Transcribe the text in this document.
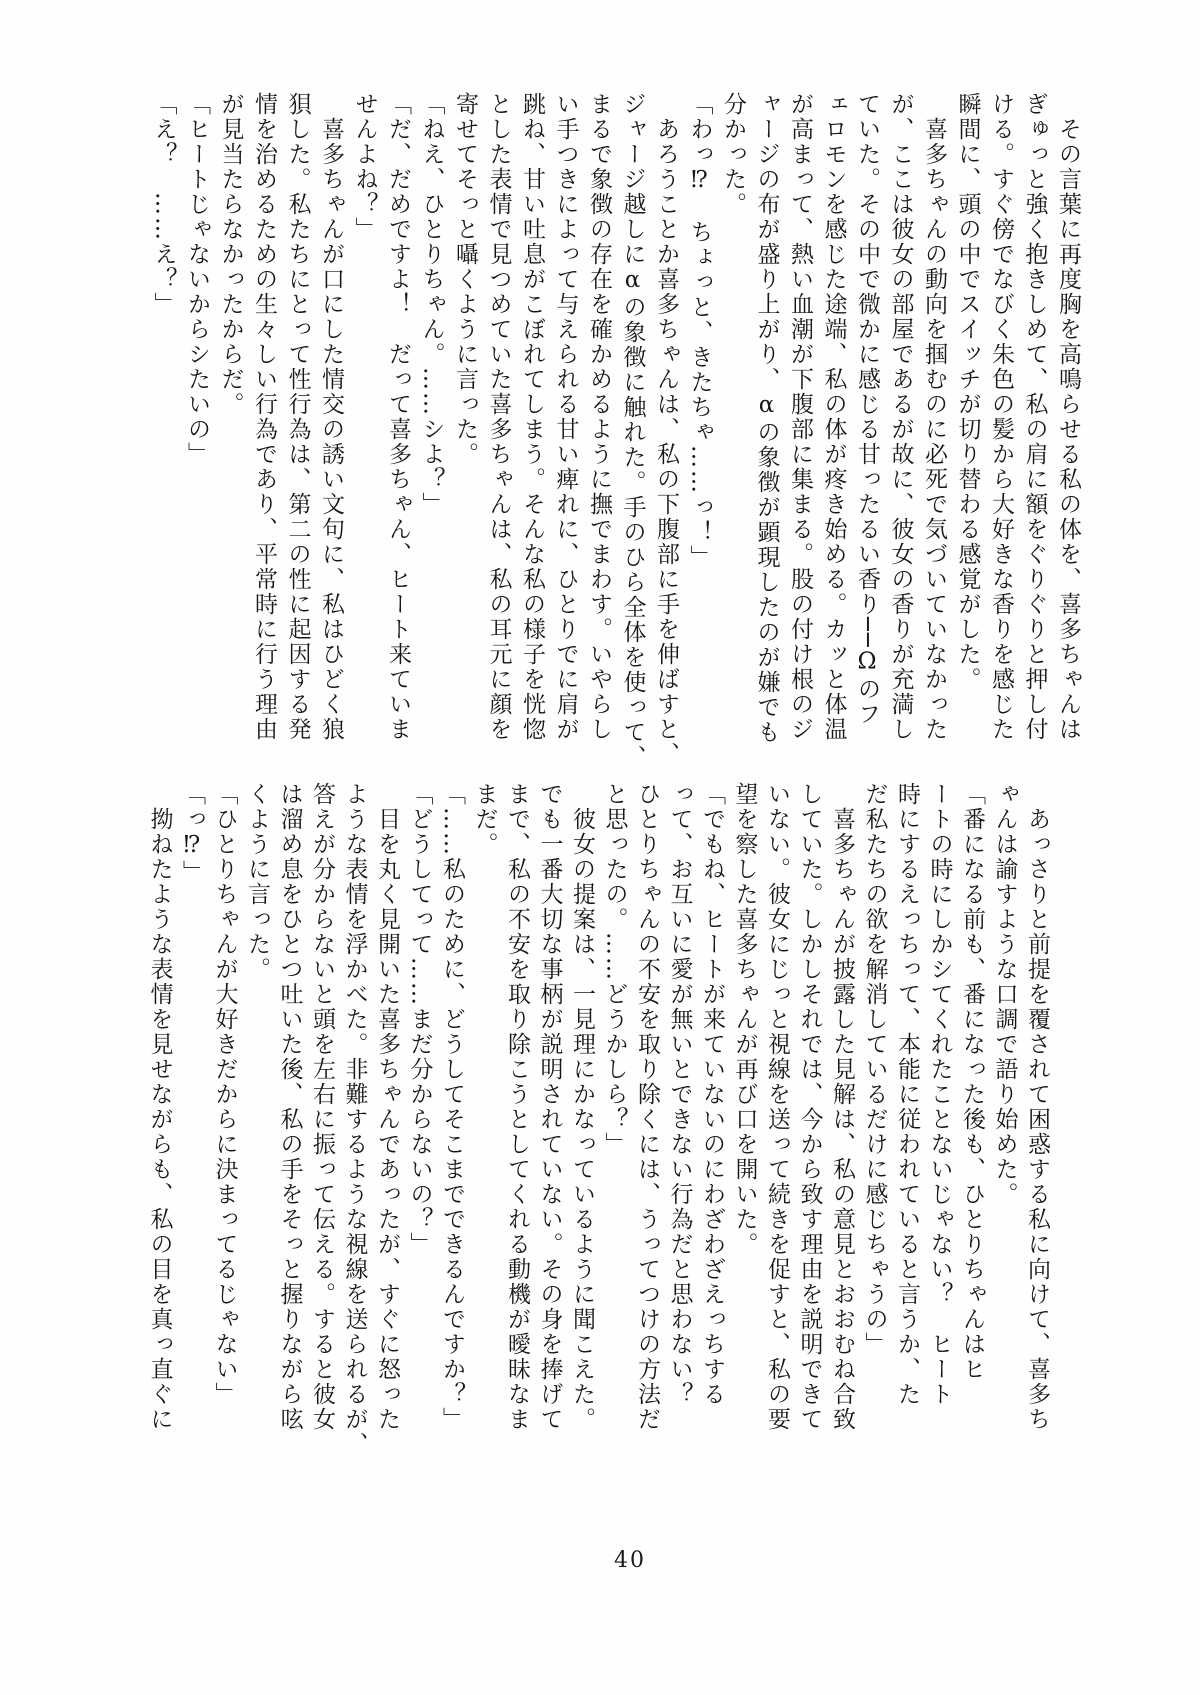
　その言葉に再度胸を高鳴らせる私の体を、喜多ちゃんは
ぎゅっと強く抱きしめて、私の肩に額をぐりぐりと押し付
ける。すぐ傍でなびく朱色の髪から大好きな香りを感じた
瞬間に、頭の中でスイッチが切り替わる感覚がした。
　喜多ちゃんの動向を掴むのに必死で気づいていなかった
が、ここは彼女の部屋であるが故に、彼女の香りが充満し
ていた。その中で微かに感じる甘ったるい香り──Ωのフ
ェロモンを感じた途端、私の体が疼き始める。カッと体温
が高まって、熱い血潮が下腹部に集まる。股の付け根のジ
ャージの布が盛り上がり、αの象徴が顕現したのが嫌でも
分かった。
「わっ⁉　ちょっと、きたちゃ……っ！」
　あろうことか喜多ちゃんは、私の下腹部に手を伸ばすと、
ジャージ越しにαの象徴に触れた。手のひら全体を使って、
まるで象徴の存在を確かめるように撫でまわす。いやらし
い手つきによって与えられる甘い痺れに、ひとりでに肩が
跳ね、甘い吐息がこぼれてしまう。そんな私の様子を恍惚
とした表情で見つめていた喜多ちゃんは、私の耳元に顔を
寄せてそっと囁くように言った。
「ねえ、ひとりちゃん。……シよ？」
「だ、だめですよ！　だって喜多ちゃん、ヒート来ていま
せんよね？」
　喜多ちゃんが口にした情交の誘い文句に、私はひどく狼
狽した。私たちにとって性行為は、第二の性に起因する発
情を治めるための生々しい行為であり、平常時に行う理由
が見当たらなかったからだ。
「ヒートじゃないからシたいの」
「え？　……え？」
　あっさりと前提を覆されて困惑する私に向けて、喜多ち
ゃんは諭すような口調で語り始めた。
「番になる前も、番になった後も、ひとりちゃんはヒ
ートの時にしかシてくれたことないじゃない？　ヒート
時にするえっちって、本能に従われていると言うか、た
だ私たちの欲を解消しているだけに感じちゃうの」
　喜多ちゃんが披露した見解は、私の意見とおおむね合致
していた。しかしそれでは、今から致す理由を説明できて
いない。彼女にじっと視線を送って続きを促すと、私の要
望を察した喜多ちゃんが再び口を開いた。
「でもね、ヒートが来ていないのにわざわざえっちする
って、お互いに愛が無いとできない行為だと思わない？
ひとりちゃんの不安を取り除くには、うってつけの方法だ
と思ったの。……どうかしら？」
　彼女の提案は、一見理にかなっているように聞こえた。
でも一番大切な事柄が説明されていない。その身を捧げて
まで、私の不安を取り除こうとしてくれる動機が曖昧なま
まだ。
「……私のために、どうしてそこまでできるんですか？」
「どうしてって……まだ分からないの？」
　目を丸く見開いた喜多ちゃんであったが、すぐに怒った
ような表情を浮かべた。非難するような視線を送られるが、
答えが分からないと頭を左右に振って伝える。すると彼女
は溜め息をひとつ吐いた後、私の手をそっと握りながら呟
くように言った。
「ひとりちゃんが大好きだからに決まってるじゃない」
「っ⁉」
　拗ねたような表情を見せながらも、私の目を真っ直ぐに
40
